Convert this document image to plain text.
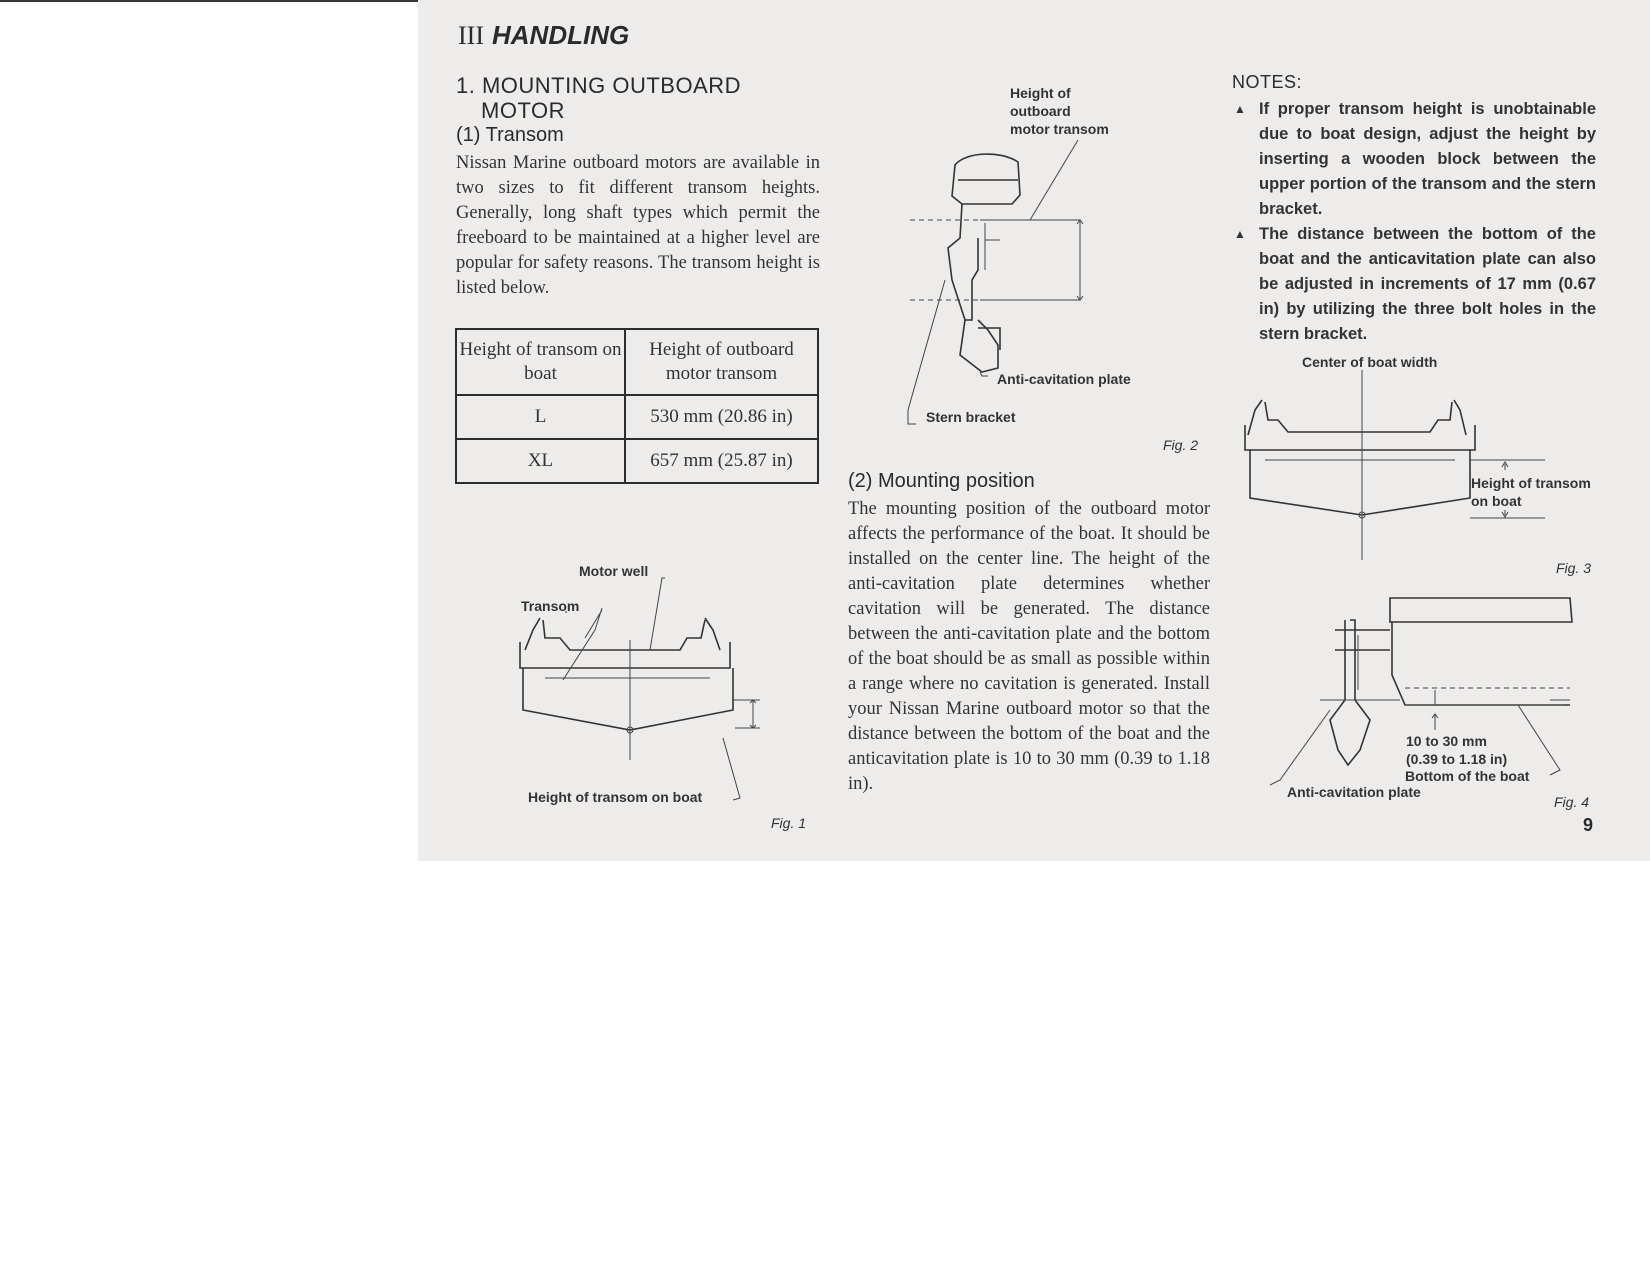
III HANDLING
1. MOUNTING OUTBOARD
MOTOR
(1) Transom
Nissan Marine outboard motors are available in two sizes to fit different transom heights. Generally, long shaft types which permit the freeboard to be maintained at a higher level are popular for safety reasons. The transom height is listed below.
Height of transom on boat	Height of outboard motor transom
L	530 mm (20.86 in)
XL	657 mm (25.87 in)
Motor well
Transom
Height of transom on boat
Fig. 1
Height of
outboard
motor transom
Anti-cavitation plate
Stern bracket
Fig. 2
(2) Mounting position
The mounting position of the outboard motor affects the performance of the boat. It should be installed on the center line. The height of the anti-cavitation plate determines whether cavitation will be generated. The distance between the anti-cavitation plate and the bottom of the boat should be as small as possible within a range where no cavitation is generated. Install your Nissan Marine outboard motor so that the distance between the bottom of the boat and the anticavitation plate is 10 to 30 mm (0.39 to 1.18 in).
NOTES:
▲ If proper transom height is unobtainable due to boat design, adjust the height by inserting a wooden block between the upper portion of the transom and the stern bracket.
▲ The distance between the bottom of the boat and the anticavitation plate can also be adjusted in increments of 17 mm (0.67 in) by utilizing the three bolt holes in the stern bracket.
Center of boat width
Height of transom
on boat
Fig. 3
10 to 30 mm
(0.39 to 1.18 in)
Bottom of the boat
Anti-cavitation plate
Fig. 4
9
